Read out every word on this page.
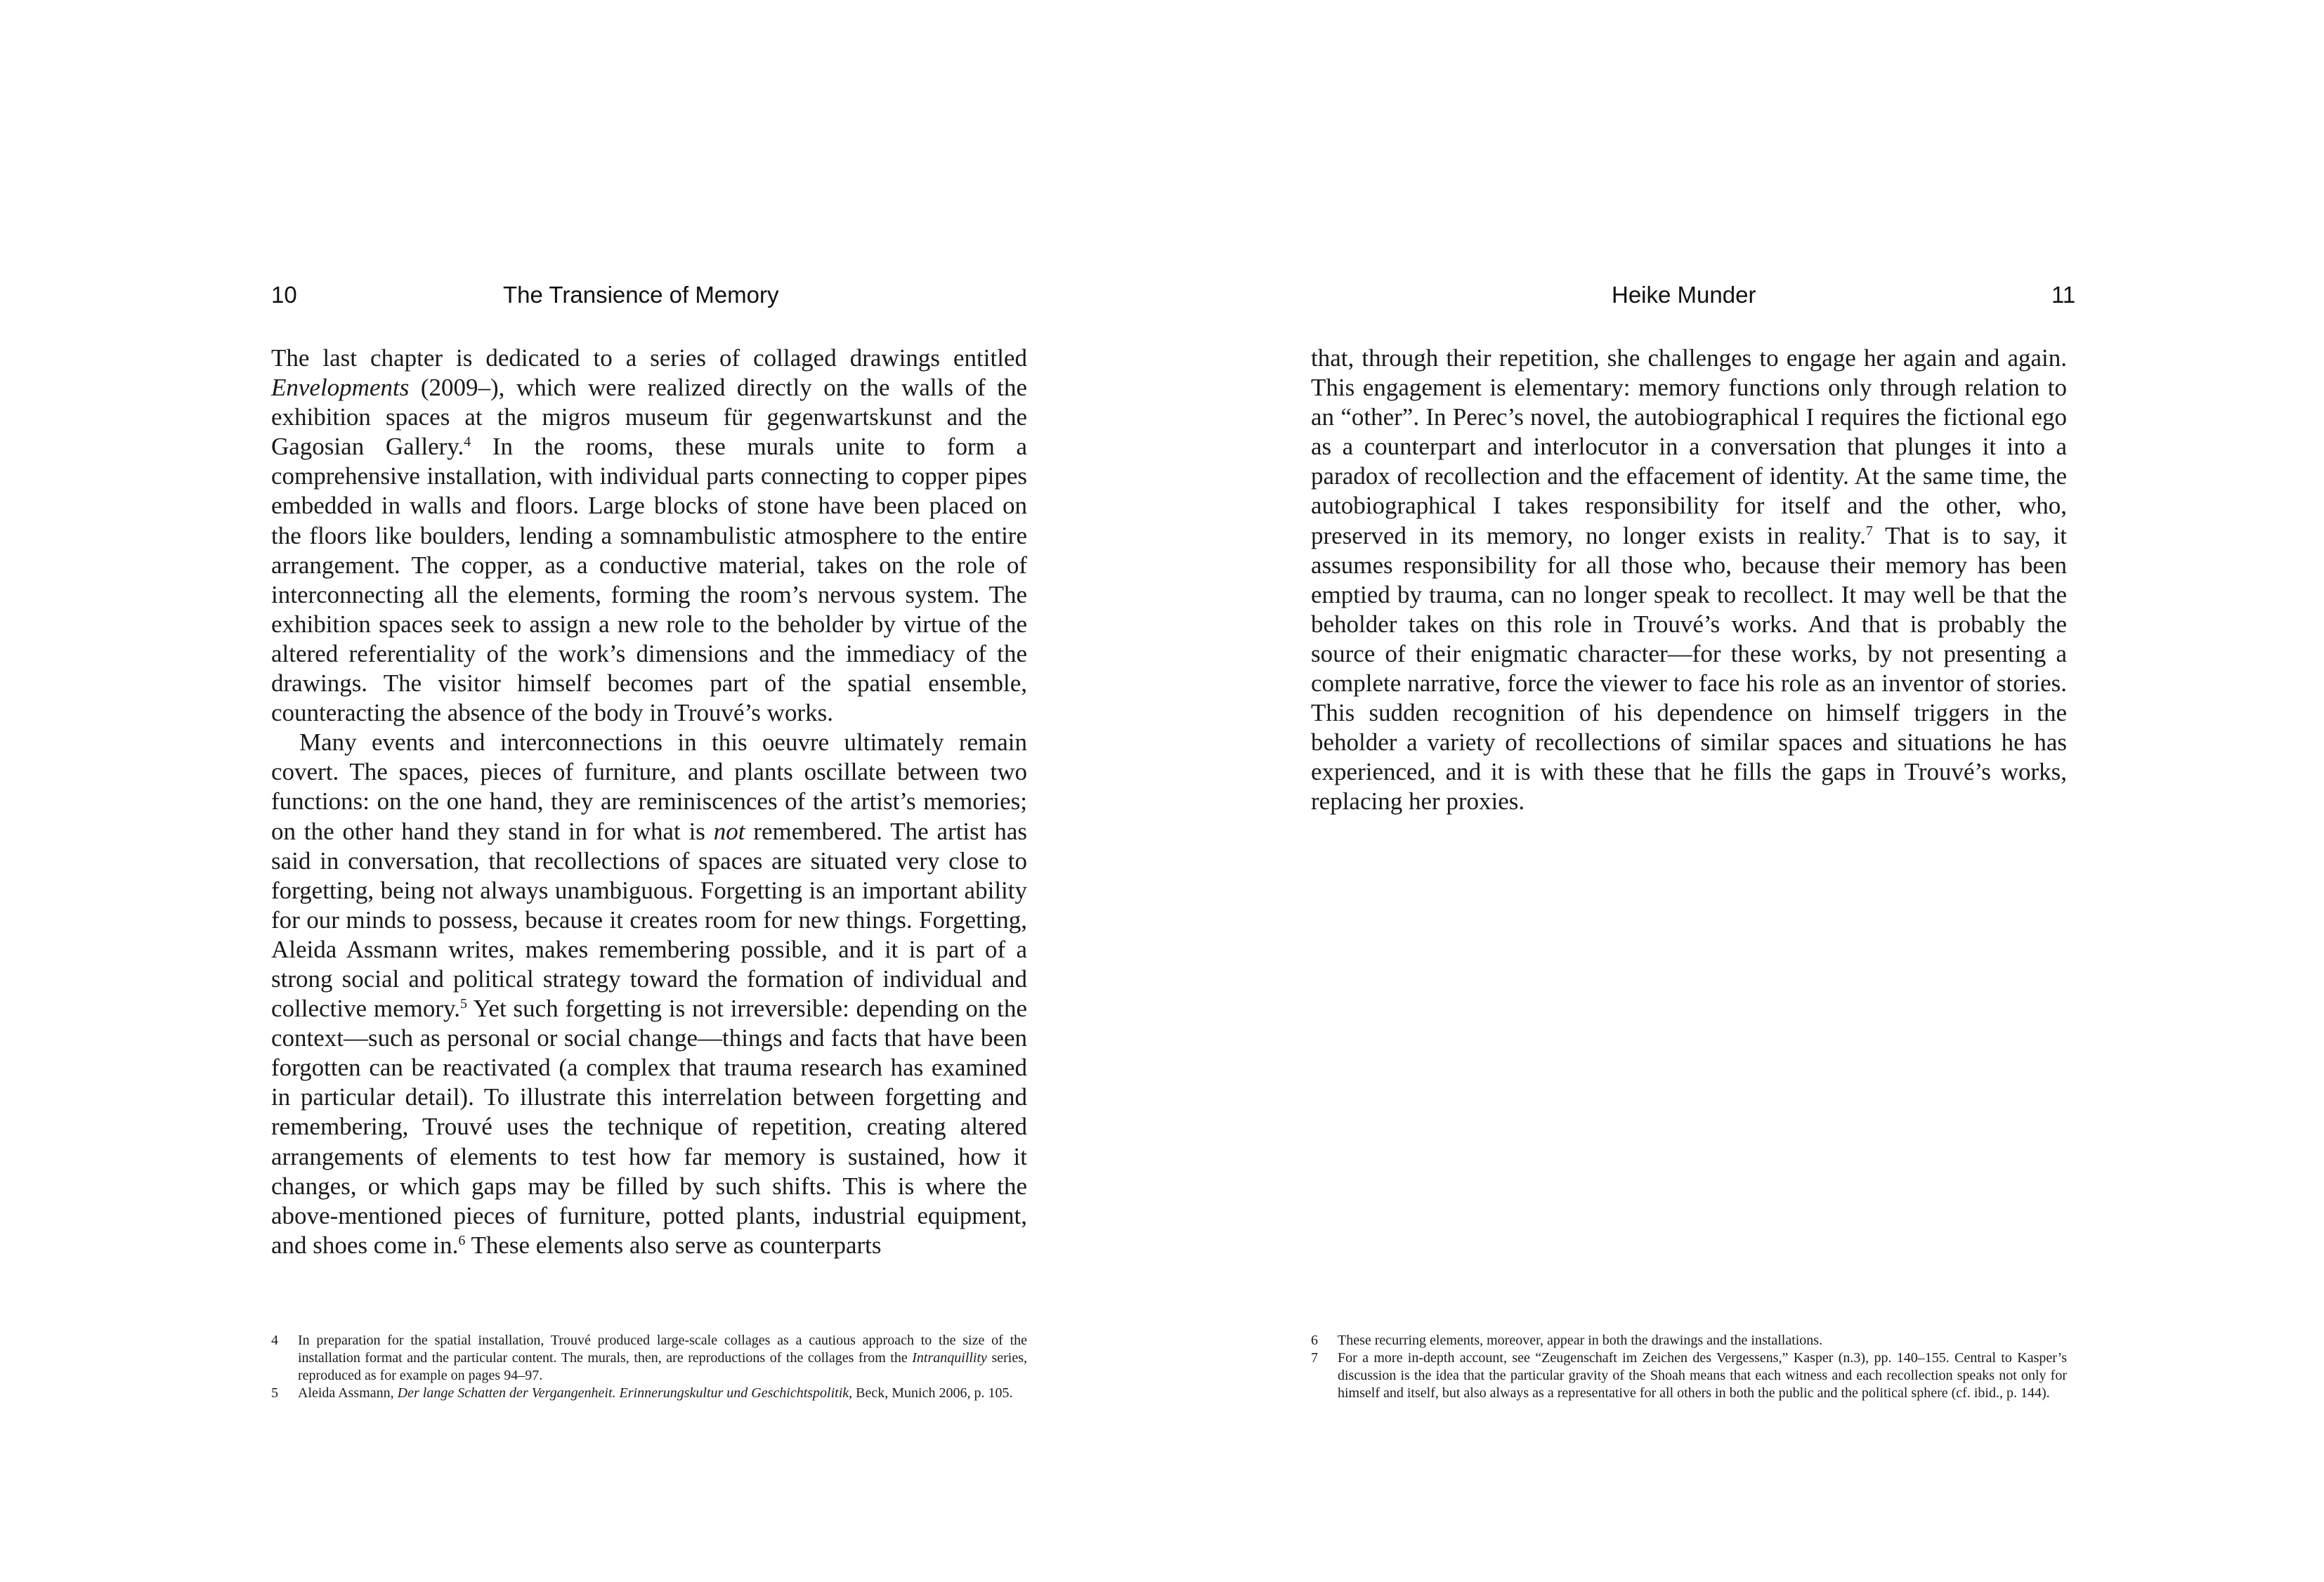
10	The Transience of Memory

The last chapter is dedicated to a series of collaged drawings entitled Envelopments (2009–), which were realized directly on the walls of the exhibition spaces at the migros museum für gegenwartskunst and the Gagosian Gallery.$^4$ In the rooms, these murals unite to form a comprehensive installation, with individual parts connecting to copper pipes embedded in walls and floors. Large blocks of stone have been placed on the floors like boulders, lending a somnambulistic atmosphere to the entire arrangement. The copper, as a conductive material, takes on the role of interconnecting all the elements, forming the room’s nervous system. The exhibition spaces seek to assign a new role to the beholder by virtue of the altered referentiality of the work’s dimensions and the immediacy of the drawings. The visitor himself becomes part of the spatial ensemble, counteracting the absence of the body in Trouvé’s works.

Many events and interconnections in this oeuvre ultimately remain covert. The spaces, pieces of furniture, and plants oscillate between two functions: on the one hand, they are reminiscences of the artist’s memories; on the other hand they stand in for what is not remembered. The artist has said in conversation, that recollections of spaces are situated very close to forgetting, being not always unambiguous. Forgetting is an important ability for our minds to possess, because it creates room for new things. Forgetting, Aleida Assmann writes, makes remembering possible, and it is part of a strong social and political strategy toward the formation of individual and collective memory.$^5$ Yet such forgetting is not irreversible: depending on the context—such as personal or social change—things and facts that have been forgotten can be reactivated (a complex that trauma research has examined in particular detail). To illustrate this interrelation between forgetting and remembering, Trouvé uses the technique of repetition, creating altered arrangements of elements to test how far memory is sustained, how it changes, or which gaps may be filled by such shifts. This is where the above-mentioned pieces of furniture, potted plants, industrial equipment, and shoes come in.$^6$ These elements also serve as counterparts

4	In preparation for the spatial installation, Trouvé produced large-scale collages as a cautious approach to the size of the installation format and the particular content. The murals, then, are reproductions of the collages from the Intranquillity series, reproduced as for example on pages 94–97.
5	Aleida Assmann, Der lange Schatten der Vergangenheit. Erinnerungskultur und Geschichtspolitik, Beck, Munich 2006, p. 105.
Heike Munder	11

that, through their repetition, she challenges to engage her again and again. This engagement is elementary: memory functions only through relation to an “other”. In Perec’s novel, the autobiographical I requires the fictional ego as a counterpart and interlocutor in a conversation that plunges it into a paradox of recollection and the effacement of identity. At the same time, the autobiographical I takes responsibility for itself and the other, who, preserved in its memory, no longer exists in reality.$^7$ That is to say, it assumes responsibility for all those who, because their memory has been emptied by trauma, can no longer speak to recollect. It may well be that the beholder takes on this role in Trouvé’s works. And that is probably the source of their enigmatic character—for these works, by not presenting a complete narrative, force the viewer to face his role as an inventor of stories. This sudden recognition of his dependence on himself triggers in the beholder a variety of recollections of similar spaces and situations he has experienced, and it is with these that he fills the gaps in Trouvé’s works, replacing her proxies.

6	These recurring elements, moreover, appear in both the drawings and the installations.
7	For a more in-depth account, see “Zeugenschaft im Zeichen des Vergessens,” Kasper (n.3), pp. 140–155. Central to Kasper’s discussion is the idea that the particular gravity of the Shoah means that each witness and each recollection speaks not only for himself and itself, but also always as a representative for all others in both the public and the political sphere (cf. ibid., p. 144).
